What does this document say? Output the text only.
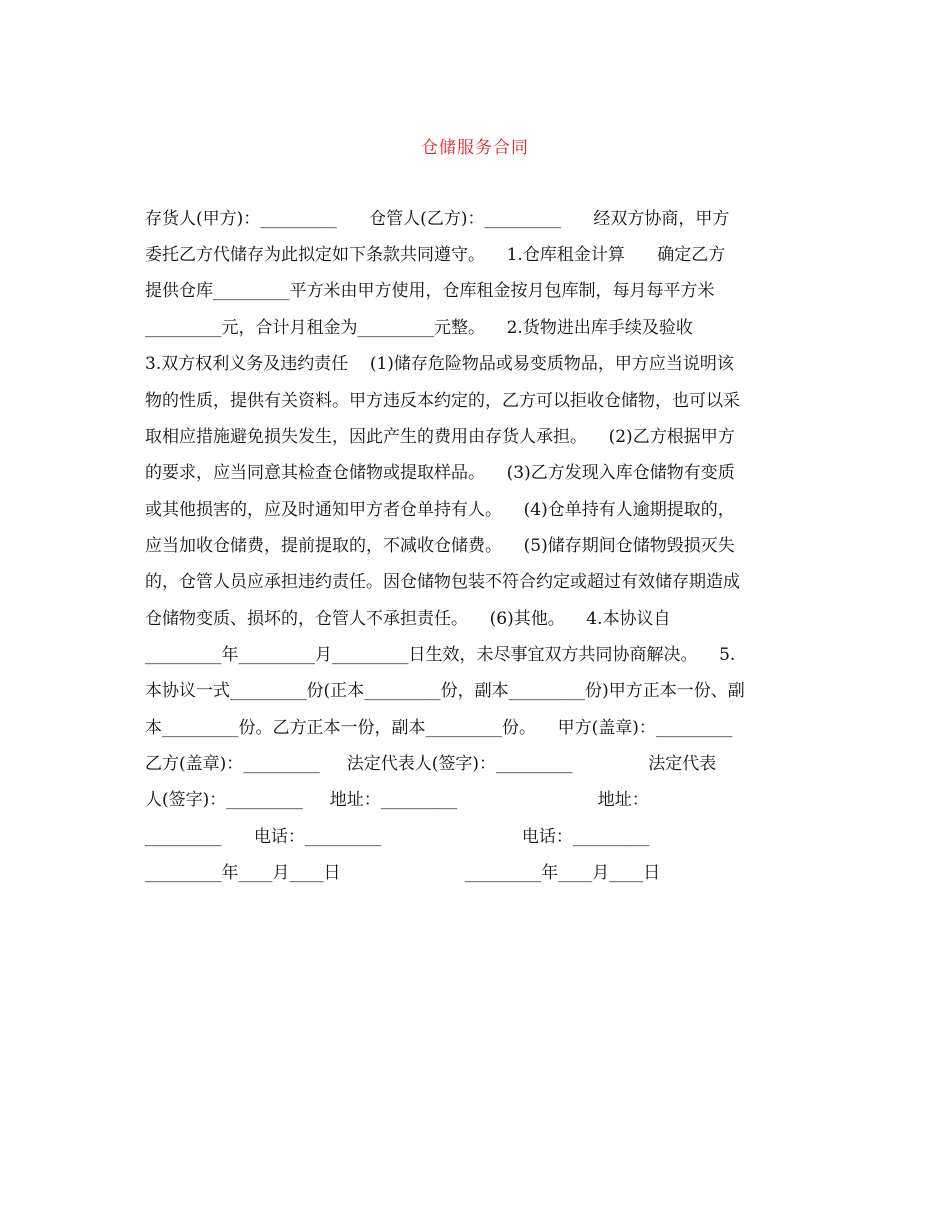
仓储服务合同
存货人(甲方)：_________      仓管人(乙方)：_________      经双方协商，甲方
委托乙方代储存为此拟定如下条款共同遵守。    1.仓库租金计算      确定乙方
提供仓库_________平方米由甲方使用，仓库租金按月包库制，每月每平方米
_________元，合计月租金为_________元整。    2.货物进出库手续及验收
3.双方权利义务及违约责任    (1)储存危险物品或易变质物品，甲方应当说明该
物的性质，提供有关资料。甲方违反本约定的，乙方可以拒收仓储物，也可以采
取相应措施避免损失发生，因此产生的费用由存货人承担。    (2)乙方根据甲方
的要求，应当同意其检查仓储物或提取样品。    (3)乙方发现入库仓储物有变质
或其他损害的，应及时通知甲方者仓单持有人。    (4)仓单持有人逾期提取的，
应当加收仓储费，提前提取的，不减收仓储费。    (5)储存期间仓储物毁损灭失
的，仓管人员应承担违约责任。因仓储物包装不符合约定或超过有效储存期造成
仓储物变质、损坏的，仓管人不承担责任。    (6)其他。    4.本协议自
_________年_________月_________日生效，未尽事宜双方共同协商解决。    5.
本协议一式_________份(正本_________份，副本_________份)甲方正本一份、副
本_________份。乙方正本一份，副本_________份。    甲方(盖章)：_________
乙方(盖章)：_________     法定代表人(签字)：_________              法定代表
人(签字)：_________     地址：_________                          地址：
_________      电话：_________                          电话：_________
_________年____月____日                       _________年____月____日
